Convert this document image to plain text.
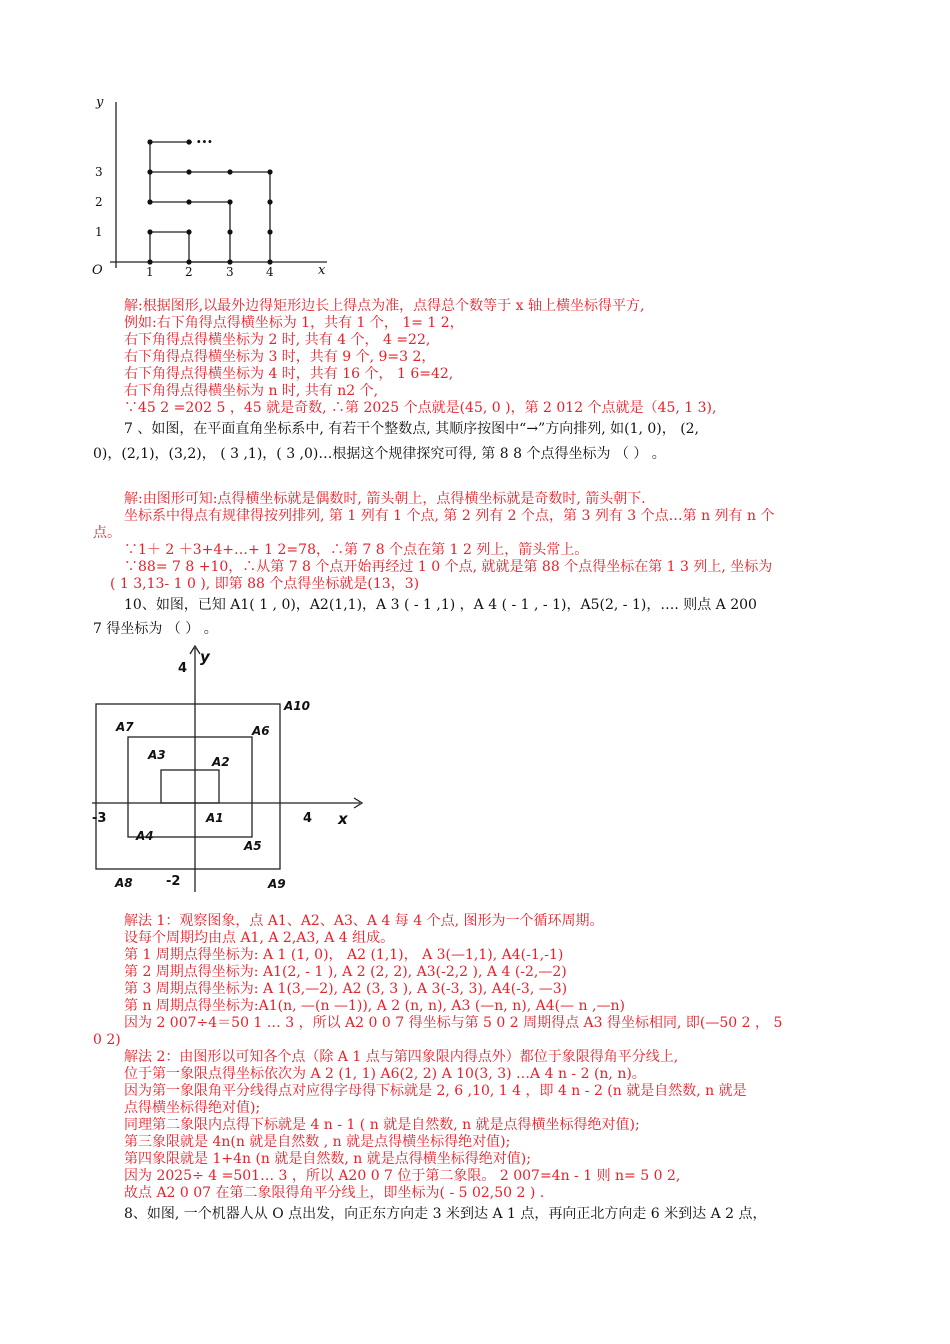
···
y
x
O	1	2	3	4
1
2
3
解:根据图形,以最外边得矩形边长上得点为准，点得总个数等于 x 轴上横坐标得平方,
例如:右下角得点得横坐标为 1，共有 1 个， 1= 1 2，
右下角得点得横坐标为 2 时, 共有 4 个， 4 =22,
右下角得点得横坐标为 3 时，共有 9 个, 9=3 2，
右下角得点得横坐标为 4 时，共有 16 个， 1 6=42,
右下角得点得横坐标为 n 时, 共有 n2 个,
∵45 2 =202 5 ，45 就是奇数, ∴第 2025 个点就是(45, 0 )，第 2 012 个点就是（45, 1 3),
7 、如图，在平面直角坐标系中, 有若干个整数点, 其顺序按图中“→”方向排列, 如(1, 0)， (2,
0)，(2,1)，(3,2)， ( 3 ,1)，( 3 ,0)…根据这个规律探究可得, 第 8 8 个点得坐标为 （ ） 。
解:由图形可知:点得横坐标就是偶数时, 箭头朝上，点得横坐标就是奇数时, 箭头朝下.
坐标系中得点有规律得按列排列, 第 1 列有 1 个点, 第 2 列有 2 个点，第 3 列有 3 个点…第 n 列有 n 个
点。
∵1＋ 2 ＋3+4+…+ 1 2=78，∴第 7 8 个点在第 1 2 列上，箭头常上。
∵88= 7 8 +10，∴从第 7 8 个点开始再经过 1 0 个点, 就就是第 88 个点得坐标在第 1 3 列上, 坐标为
( 1 3,13- 1 0 ), 即第 88 个点得坐标就是(13，3)
10、如图，已知 A1( 1 , 0)，A2(1,1)，A 3 ( - 1 ,1) ，A 4 ( - 1 , - 1)，A5(2, - 1)，…. 则点 A 200
7 得坐标为 （ ） 。
y
x
4
-3	4
-2
A1
A2
A3
A4
A5
A6
A7
A8	A9
A10
解法 1：观察图象，点 A1、A2、A3、A 4 每 4 个点, 图形为一个循环周期。
设每个周期均由点 A1, A 2,A3, A 4 组成。
第 1 周期点得坐标为: A 1 (1, 0)， A2 (1,1)， A 3(—1,1), A4(-1,-1)
第 2 周期点得坐标为: A1(2, - 1 ), A 2 (2, 2), A3(-2,2 ), A 4 (-2,—2)
第 3 周期点得坐标为: A 1(3,—2), A2 (3, 3 ), A 3(-3, 3), A4(-3, —3)
第 n 周期点得坐标为:A1(n, —(n —1)), A 2 (n, n), A3 (—n, n), A4(— n ,—n)
因为 2 007÷4＝50 1 … 3 ，所以 A2 0 0 7 得坐标与第 5 0 2 周期得点 A3 得坐标相同, 即(—50 2 ， 5
0 2)
解法 2：由图形以可知各个点（除 A 1 点与第四象限内得点外）都位于象限得角平分线上,
位于第一象限点得坐标依次为 A 2 (1, 1) A6(2, 2) A 10(3, 3) …A 4 n - 2 (n, n)。
因为第一象限角平分线得点对应得字母得下标就是 2, 6 ,10, 1 4 ，即 4 n - 2 (n 就是自然数, n 就是
点得横坐标得绝对值);
同理第二象限内点得下标就是 4 n - 1 ( n 就是自然数, n 就是点得横坐标得绝对值);
第三象限就是 4n(n 就是自然数 , n 就是点得横坐标得绝对值);
第四象限就是 1+4n (n 就是自然数, n 就是点得横坐标得绝对值);
因为 2025÷ 4 =501… 3 ，所以 A20 0 7 位于第二象限。 2 007=4n - 1 则 n= 5 0 2,
故点 A2 0 07 在第二象限得角平分线上，即坐标为( - 5 02,50 2 ) .
8、如图, 一个机器人从 O 点出发，向正东方向走 3 米到达 A 1 点，再向正北方向走 6 米到达 A 2 点，
